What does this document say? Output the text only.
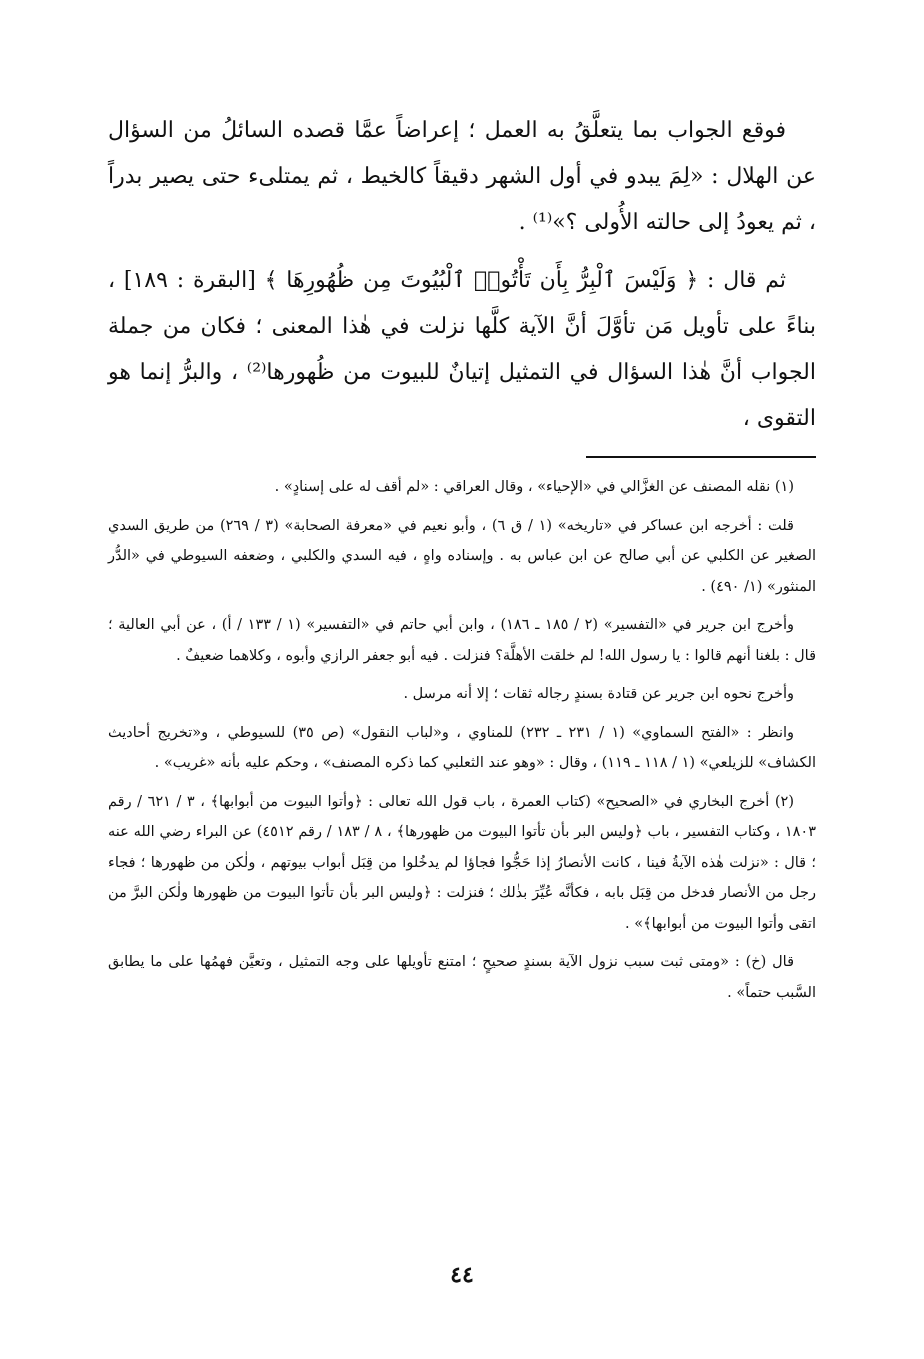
فوقع الجواب بما يتعلَّقُ به العمل ؛ إعراضاً عمَّا قصده السائلُ من السؤال عن الهلال : «لِمَ يبدو في أول الشهر دقيقاً كالخيط ، ثم يمتلىء حتى يصير بدراً ، ثم يعودُ إلى حالته الأُولى ؟»⁽¹⁾ .

ثم قال : ﴿ وَلَيْسَ ٱلْبِرُّ بِأَن تَأْتُوا۟ ٱلْبُيُوتَ مِن ظُهُورِهَا ﴾ [البقرة : ١٨٩] ، بناءً على تأويل مَن تأوَّلَ أنَّ الآية كلَّها نزلت في هٰذا المعنى ؛ فكان من جملة الجواب أنَّ هٰذا السؤال في التمثيل إتيانٌ للبيوت من ظُهورها⁽²⁾ ، والبرُّ إنما هو التقوى ،

(١) نقله المصنف عن الغزَّالي في «الإحياء» ، وقال العراقي : «لم أقف له على إسنادٍ» .

قلت : أخرجه ابن عساكر في «تاريخه» (١ / ق ٦) ، وأبو نعيم في «معرفة الصحابة» (٣ / ٢٦٩) من طريق السدي الصغير عن الكلبي عن أبي صالح عن ابن عباس به . وإسناده واهٍ ، فيه السدي والكلبي ، وضعفه السيوطي في «الدُّر المنثور» (١/ ٤٩٠) .

وأخرج ابن جرير في «التفسير» (٢ / ١٨٥ ـ ١٨٦) ، وابن أبي حاتم في «التفسير» (١ / ١٣٣ / أ) ، عن أبي العالية ؛ قال : بلغنا أنهم قالوا : يا رسول الله! لم خلقت الأهلَّة؟ فنزلت . فيه أبو جعفر الرازي وأبوه ، وكلاهما ضعيفٌ .

وأخرج نحوه ابن جرير عن قتادة بسندٍ رجاله ثقات ؛ إلا أنه مرسل .

وانظر : «الفتح السماوي» (١ / ٢٣١ ـ ٢٣٢) للمناوي ، و«لباب النقول» (ص ٣٥) للسيوطي ، و«تخريج أحاديث الكشاف» للزيلعي» (١ / ١١٨ ـ ١١٩) ، وقال : «وهو عند الثعلبي كما ذكره المصنف» ، وحكم عليه بأنه «غريب» .

(٢) أخرج البخاري في «الصحيح» (كتاب العمرة ، باب قول الله تعالى : ﴿وأتوا البيوت من أبوابها﴾ ، ٣ / ٦٢١ / رقم ١٨٠٣ ، وكتاب التفسير ، باب ﴿وليس البر بأن تأتوا البيوت من ظهورها﴾ ، ٨ / ١٨٣ / رقم ٤٥١٢) عن البراء رضي الله عنه ؛ قال : «نزلت هٰذه الآيةُ فينا ، كانت الأنصارُ إذا حَجُّوا فجاؤا لم يدخُلوا من قِبَل أبواب بيوتهم ، ولٰكن من ظهورها ؛ فجاء رجل من الأنصار فدخل من قِبَل بابه ، فكأنَّه عُيِّرَ بذٰلك ؛ فنزلت : ﴿وليس البر بأن تأتوا البيوت من ظهورها ولٰكن البرَّ من اتقى وأتوا البيوت من أبوابها﴾» .

قال (خ) : «ومتى ثبت سبب نزول الآية بسندٍ صحيحٍ ؛ امتنع تأويلها على وجه التمثيل ، وتعيَّن فهمُها على ما يطابق السَّبب حتماً» .

٤٤
